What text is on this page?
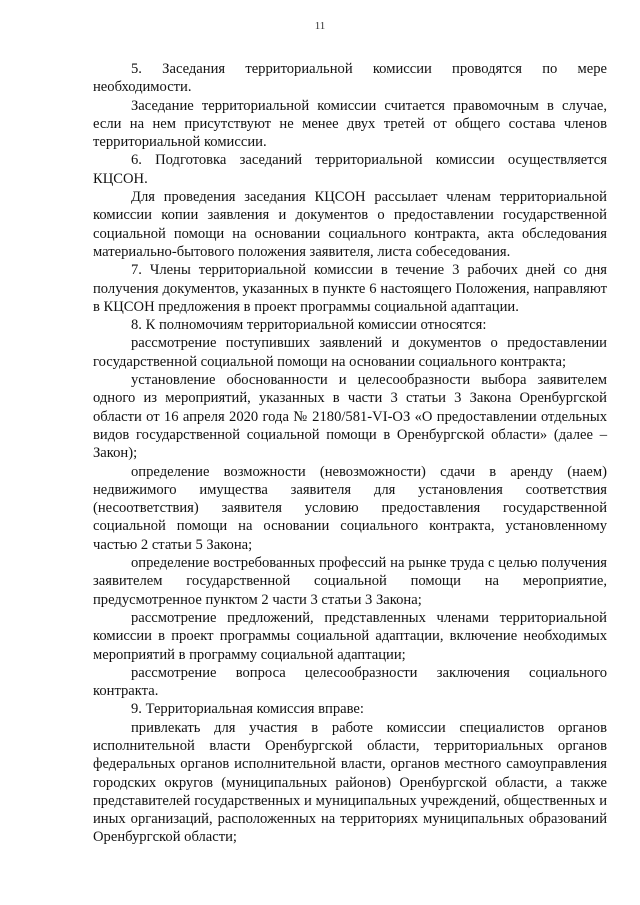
11

5. Заседания территориальной комиссии проводятся по мере необходимости.

Заседание территориальной комиссии считается правомочным в случае, если на нем присутствуют не менее двух третей от общего состава членов территориальной комиссии.

6. Подготовка заседаний территориальной комиссии осуществляется КЦСОН.

Для проведения заседания КЦСОН рассылает членам территориальной комиссии копии заявления и документов о предоставлении государственной социальной помощи на основании социального контракта, акта обследования материально-бытового положения заявителя, листа собеседования.

7. Члены территориальной комиссии в течение 3 рабочих дней со дня получения документов, указанных в пункте 6 настоящего Положения, направляют в КЦСОН предложения в проект программы социальной адаптации.

8. К полномочиям территориальной комиссии относятся:

рассмотрение поступивших заявлений и документов о предоставлении государственной социальной помощи на основании социального контракта;

установление обоснованности и целесообразности выбора заявителем одного из мероприятий, указанных в части 3 статьи 3 Закона Оренбургской области от 16 апреля 2020 года № 2180/581-VI-ОЗ «О предоставлении отдельных видов государственной социальной помощи в Оренбургской области» (далее – Закон);

определение возможности (невозможности) сдачи в аренду (наем) недвижимого имущества заявителя для установления соответствия (несоответствия) заявителя условию предоставления государственной социальной помощи на основании социального контракта, установленному частью 2 статьи 5 Закона;

определение востребованных профессий на рынке труда с целью получения заявителем государственной социальной помощи на мероприятие, предусмотренное пунктом 2 части 3 статьи 3 Закона;

рассмотрение предложений, представленных членами территориальной комиссии в проект программы социальной адаптации, включение необходимых мероприятий в программу социальной адаптации;

рассмотрение вопроса целесообразности заключения социального контракта.

9. Территориальная комиссия вправе:

привлекать для участия в работе комиссии специалистов органов исполнительной власти Оренбургской области, территориальных органов федеральных органов исполнительной власти, органов местного самоуправления городских округов (муниципальных районов) Оренбургской области, а также представителей государственных и муниципальных учреждений, общественных и иных организаций, расположенных на территориях муниципальных образований Оренбургской области;
